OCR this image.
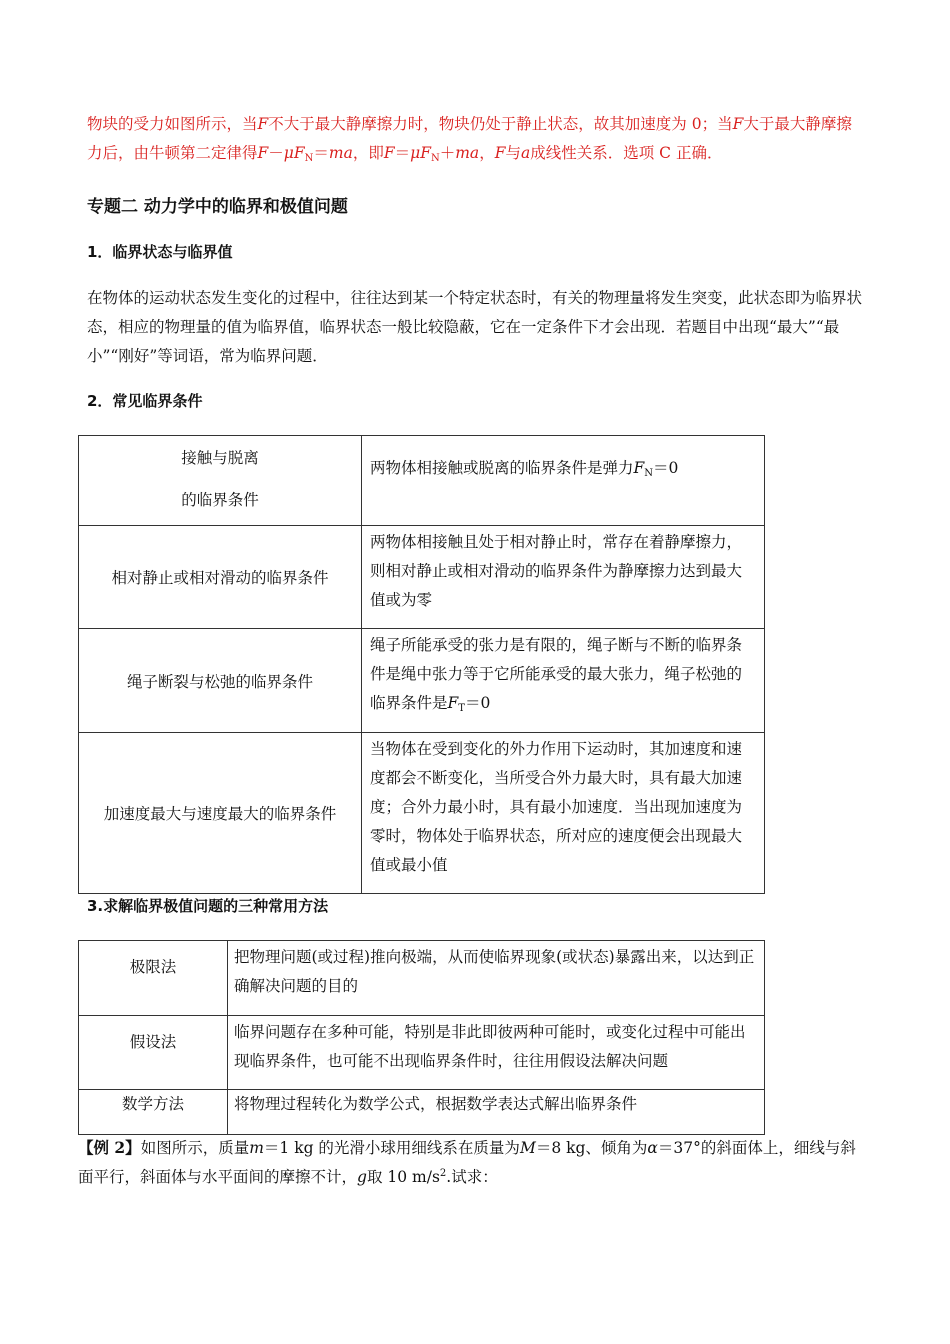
物块的受力如图所示，当F不大于最大静摩擦力时，物块仍处于静止状态，故其加速度为 0；当F大于最大静摩擦力后，由牛顿第二定律得$F-\mu F_N=ma$，即$F=\mu F_N+ma$，F与a成线性关系．选项 C 正确．

专题二 动力学中的临界和极值问题
1．临界状态与临界值

在物体的运动状态发生变化的过程中，往往达到某一个特定状态时，有关的物理量将发生突变，此状态即为临界状态，相应的物理量的值为临界值，临界状态一般比较隐蔽，它在一定条件下才会出现．若题目中出现“最大”“最小”“刚好”等词语，常为临界问题．

2．常见临界条件
接触与脱离
的临界条件	两物体相接触或脱离的临界条件是弹力$F_N=0$
相对静止或相对滑动的临界条件	两物体相接触且处于相对静止时，常存在着静摩擦力，则相对静止或相对滑动的临界条件为静摩擦力达到最大值或为零
绳子断裂与松弛的临界条件	绳子所能承受的张力是有限的，绳子断与不断的临界条件是绳中张力等于它所能承受的最大张力，绳子松弛的临界条件是$F_T=0$
加速度最大与速度最大的临界条件	当物体在受到变化的外力作用下运动时，其加速度和速度都会不断变化，当所受合外力最大时，具有最大加速度；合外力最小时，具有最小加速度．当出现加速度为零时，物体处于临界状态，所对应的速度便会出现最大值或最小值
3.求解临界极值问题的三种常用方法
极限法	把物理问题(或过程)推向极端，从而使临界现象(或状态)暴露出来，以达到正确解决问题的目的
假设法	临界问题存在多种可能，特别是非此即彼两种可能时，或变化过程中可能出现临界条件，也可能不出现临界条件时，往往用假设法解决问题
数学方法	将物理过程转化为数学公式，根据数学表达式解出临界条件

【例 2】如图所示，质量m＝1 kg 的光滑小球用细线系在质量为M＝8 kg、倾角为α＝37°的斜面体上，细线与斜面平行，斜面体与水平面间的摩擦不计，g取 10 $m/s^2$.试求：
